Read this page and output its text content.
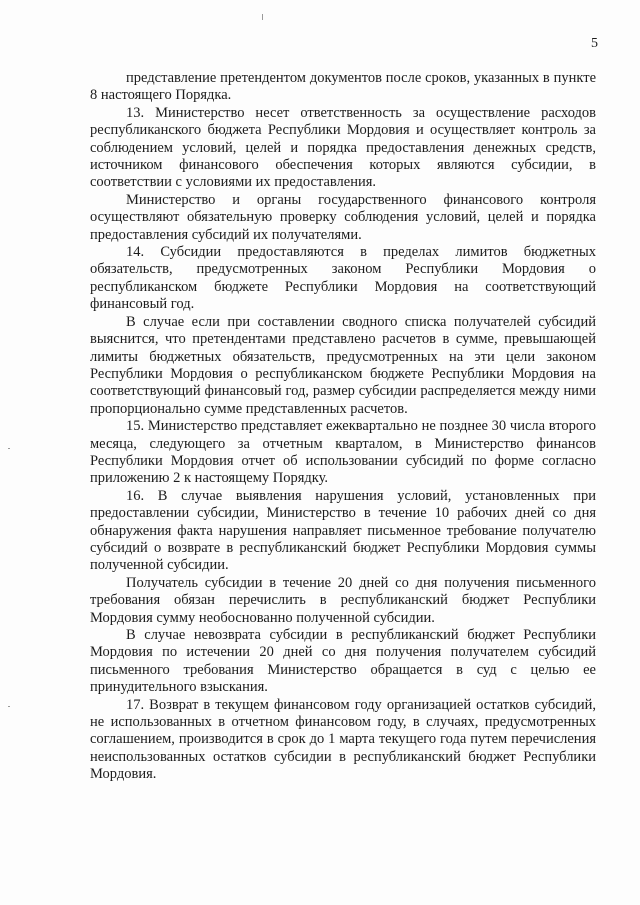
5

представление претендентом документов после сроков, указанных в пункте 8 настоящего Порядка.

13. Министерство несет ответственность за осуществление расходов республиканского бюджета Республики Мордовия и осуществляет контроль за соблюдением условий, целей и порядка предоставления денежных средств, источником финансового обеспечения которых являются субсидии, в соответствии с условиями их предоставления.

Министерство и органы государственного финансового контроля осуществляют обязательную проверку соблюдения условий, целей и порядка предоставления субсидий их получателями.

14. Субсидии предоставляются в пределах лимитов бюджетных обязательств, предусмотренных законом Республики Мордовия о республиканском бюджете Республики Мордовия на соответствующий финансовый год.

В случае если при составлении сводного списка получателей субсидий выяснится, что претендентами представлено расчетов в сумме, превышающей лимиты бюджетных обязательств, предусмотренных на эти цели законом Республики Мордовия о республиканском бюджете Республики Мордовия на соответствующий финансовый год, размер субсидии распределяется между ними пропорционально сумме представленных расчетов.

15. Министерство представляет ежеквартально не позднее 30 числа второго месяца, следующего за отчетным кварталом, в Министерство финансов Республики Мордовия отчет об использовании субсидий по форме согласно приложению 2 к настоящему Порядку.

16. В случае выявления нарушения условий, установленных при предоставлении субсидии, Министерство в течение 10 рабочих дней со дня обнаружения факта нарушения направляет письменное требование получателю субсидий о возврате в республиканский бюджет Республики Мордовия суммы полученной субсидии.

Получатель субсидии в течение 20 дней со дня получения письменного требования обязан перечислить в республиканский бюджет Республики Мордовия сумму необоснованно полученной субсидии.

В случае невозврата субсидии в республиканский бюджет Республики Мордовия по истечении 20 дней со дня получения получателем субсидий письменного требования Министерство обращается в суд с целью ее принудительного взыскания.

17. Возврат в текущем финансовом году организацией остатков субсидий, не использованных в отчетном финансовом году, в случаях, предусмотренных соглашением, производится в срок до 1 марта текущего года путем перечисления неиспользованных остатков субсидии в республиканский бюджет Республики Мордовия.
